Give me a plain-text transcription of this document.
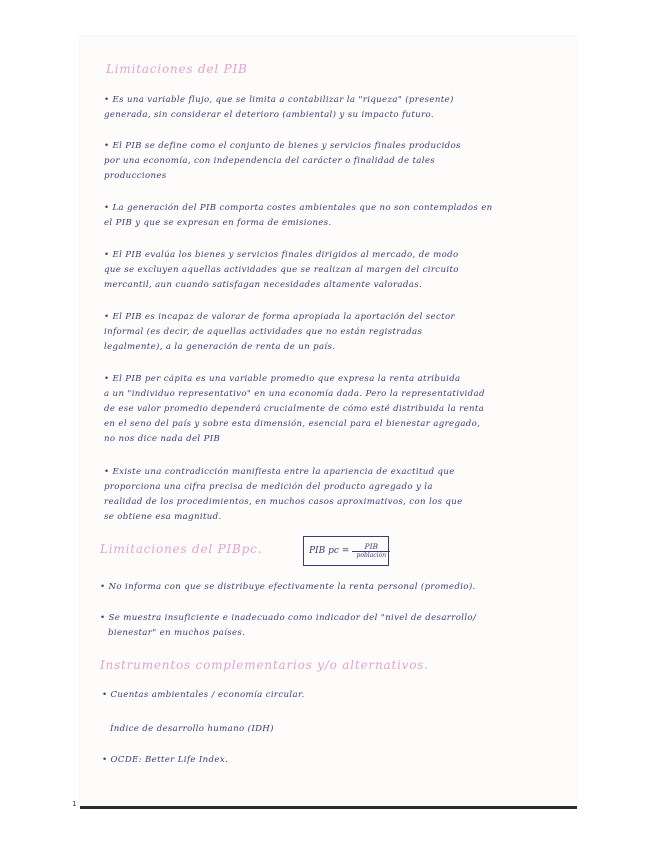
Limitaciones del PIB
• Es una variable flujo, que se limita a contabilizar la "riqueza" (presente)
generada, sin considerar el deterioro (ambiental) y su impacto futuro.
• El PIB se define como el conjunto de bienes y servicios finales producidos
por una economía, con independencia del carácter o finalidad de tales
producciones
• La generación del PIB comporta costes ambientales que no son contemplados en
el PIB y que se expresan en forma de emisiones.
• El PIB evalúa los bienes y servicios finales dirigidos al mercado, de modo
que se excluyen aquellas actividades que se realizan al margen del circuito
mercantil, aun cuando satisfagan necesidades altamente valoradas.
• El PIB es incapaz de valorar de forma apropiada la aportación del sector
informal (es decir, de aquellas actividades que no están registradas
legalmente), a la generación de renta de un país.
• El PIB per cápita es una variable promedio que expresa la renta atribuida
a un "individuo representativo" en una economía dada. Pero la representatividad
de ese valor promedio dependerá crucialmente de cómo esté distribuida la renta
en el seno del país y sobre esta dimensión, esencial para el bienestar agregado,
no nos dice nada del PIB
• Existe una contradicción manifiesta entre la apariencia de exactitud que
proporciona una cifra precisa de medición del producto agregado y la
realidad de los procedimientos, en muchos casos aproximativos, con los que
se obtiene esa magnitud.
Limitaciones del PIBpc.	PIB pc = $\frac{\text{PIB}}{\text{población}}$
• No informa con que se distribuye efectivamente la renta personal (promedio).
• Se muestra insuficiente e inadecuado como indicador del "nivel de desarrollo/
bienestar" en muchos países.
Instrumentos complementarios y/o alternativos.
• Cuentas ambientales / economía circular.
Índice de desarrollo humano (IDH)
• OCDE: Better Life Index.
1
